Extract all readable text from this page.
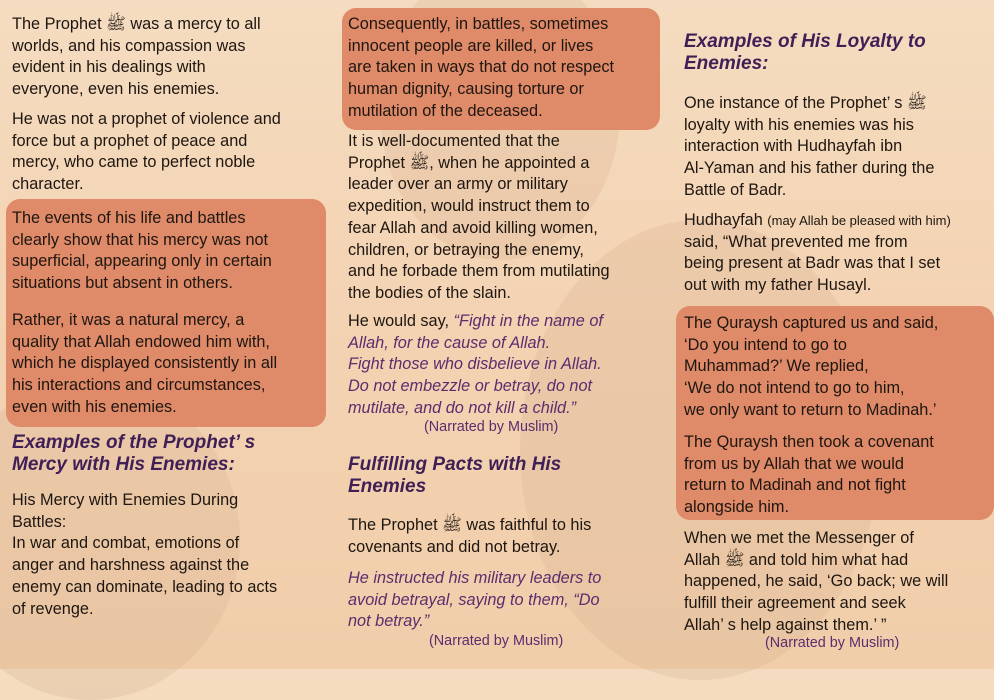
The Prophet ﷺ was a mercy to all
worlds, and his compassion was
evident in his dealings with
everyone, even his enemies.
He was not a prophet of violence and
force but a prophet of peace and
mercy, who came to perfect noble
character.
The events of his life and battles
clearly show that his mercy was not
superficial, appearing only in certain
situations but absent in others.
Rather, it was a natural mercy, a
quality that Allah endowed him with,
which he displayed consistently in all
his interactions and circumstances,
even with his enemies.
Examples of the Prophet’ s
Mercy with His Enemies:
His Mercy with Enemies During
Battles:
In war and combat, emotions of
anger and harshness against the
enemy can dominate, leading to acts
of revenge.
Consequently, in battles, sometimes
innocent people are killed, or lives
are taken in ways that do not respect
human dignity, causing torture or
mutilation of the deceased.
It is well-documented that the
Prophet ﷺ, when he appointed a
leader over an army or military
expedition, would instruct them to
fear Allah and avoid killing women,
children, or betraying the enemy,
and he forbade them from mutilating
the bodies of the slain.
He would say, “Fight in the name of
Allah, for the cause of Allah.
Fight those who disbelieve in Allah.
Do not embezzle or betray, do not
mutilate, and do not kill a child.”
(Narrated by Muslim)
Fulfilling Pacts with His
Enemies
The Prophet ﷺ was faithful to his
covenants and did not betray.
He instructed his military leaders to
avoid betrayal, saying to them, “Do
not betray.”
(Narrated by Muslim)
Examples of His Loyalty to
Enemies:
One instance of the Prophet’ s ﷺ
loyalty with his enemies was his
interaction with Hudhayfah ibn
Al-Yaman and his father during the
Battle of Badr.
Hudhayfah (may Allah be pleased with him)
said, “What prevented me from
being present at Badr was that I set
out with my father Husayl.
The Quraysh captured us and said,
‘Do you intend to go to
Muhammad?’ We replied,
‘We do not intend to go to him,
we only want to return to Madinah.’
The Quraysh then took a covenant
from us by Allah that we would
return to Madinah and not fight
alongside him.
When we met the Messenger of
Allah ﷺ and told him what had
happened, he said, ‘Go back; we will
fulfill their agreement and seek
Allah’ s help against them.’ ”
(Narrated by Muslim)
